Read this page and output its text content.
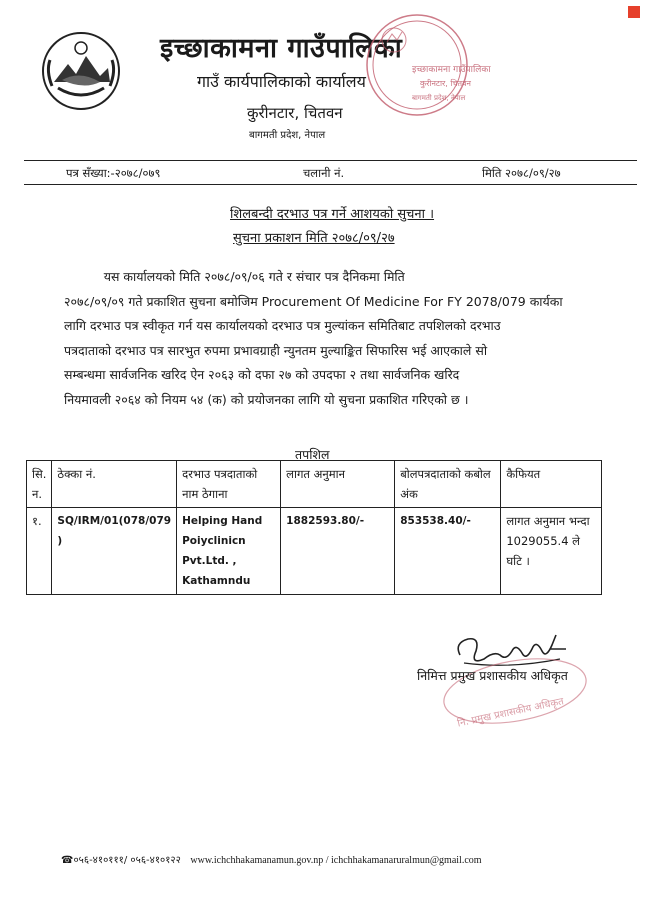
इच्छाकामना गाउँपालिका
गाउँ कार्यपालिकाको कार्यालय
कुरीनटार, चितवन
बागमती प्रदेश, नेपाल
इच्छाकामना गाउँपालिका
कुरीनटार, चितवन
बागमती प्रदेश, नेपाल
पत्र सँख्या:-२०७८/०७९	चलानी नं.	मिति २०७८/०९/२७
शिलबन्दी दरभाउ पत्र गर्ने आशयको सुचना ।
सुचना प्रकाशन मिति २०७८/०९/२७
यस कार्यालयको मिति २०७८/०९/०६ गते र संचार पत्र दैनिकमा मिति
२०७८/०९/०९ गते प्रकाशित सुचना बमोजिम Procurement Of Medicine For FY 2078/079 कार्यका
लागि दरभाउ पत्र स्वीकृत गर्न यस कार्यालयको दरभाउ पत्र मुल्यांकन समितिबाट तपशिलको दरभाउ
पत्रदाताको दरभाउ पत्र सारभुत रुपमा प्रभावग्राही न्युनतम मुल्याङ्कित सिफारिस भई आएकाले सो
सम्बन्धमा सार्वजनिक खरिद ऐन २०६३ को दफा २७ को उपदफा २ तथा सार्वजनिक खरिद
नियमावली २०६४ को नियम ५४ (क) को प्रयोजनका लागि यो सुचना प्रकाशित गरिएको छ ।
तपशिल
सि. न.	ठेक्का नं.	दरभाउ पत्रदाताको नाम ठेगाना	लागत अनुमान	बोलपत्रदाताको कबोल अंक	कैफियत
१.	SQ/IRM/01(078/079 )	Helping Hand Poiyclinicn Pvt.Ltd. , Kathamndu	1882593.80/-	853538.40/-	लागत अनुमान भन्दा 1029055.4 ले घटि ।
नि. प्रमुख प्रशासकीय अधिकृत
निमित्त प्रमुख प्रशासकीय अधिकृत
☎०५६-४१०१११/ ०५६-४१०१२२ www.ichchhakamanamun.gov.np / ichchhakamanaruralmun@gmail.com
